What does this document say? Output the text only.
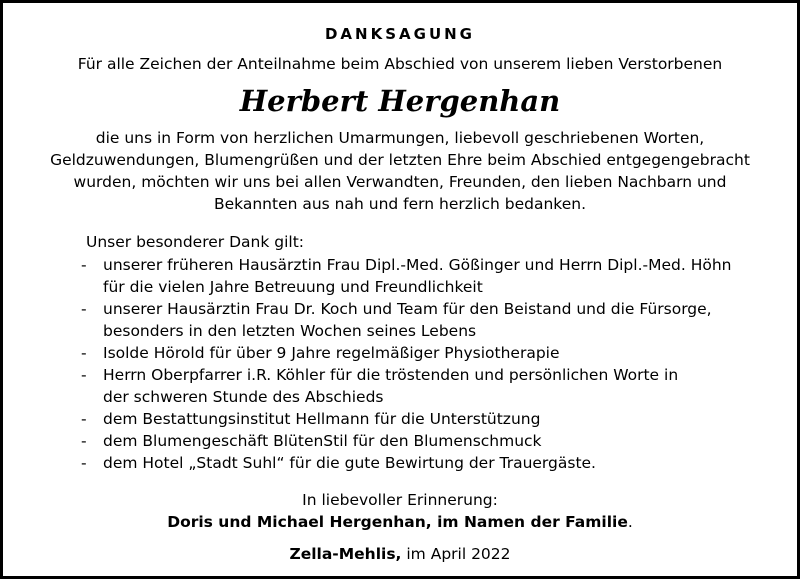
DANKSAGUNG
Für alle Zeichen der Anteilnahme beim Abschied von unserem lieben Verstorbenen
Herbert Hergenhan
die uns in Form von herzlichen Umarmungen, liebevoll geschriebenen Worten,
Geldzuwendungen, Blumengrüßen und der letzten Ehre beim Abschied entgegengebracht
wurden, möchten wir uns bei allen Verwandten, Freunden, den lieben Nachbarn und
Bekannten aus nah und fern herzlich bedanken.
Unser besonderer Dank gilt:
- unserer früheren Hausärztin Frau Dipl.-Med. Gößinger und Herrn Dipl.-Med. Höhn
für die vielen Jahre Betreuung und Freundlichkeit
- unserer Hausärztin Frau Dr. Koch und Team für den Beistand und die Fürsorge,
besonders in den letzten Wochen seines Lebens
- Isolde Hörold für über 9 Jahre regelmäßiger Physiotherapie
- Herrn Oberpfarrer i.R. Köhler für die tröstenden und persönlichen Worte in
der schweren Stunde des Abschieds
- dem Bestattungsinstitut Hellmann für die Unterstützung
- dem Blumengeschäft BlütenStil für den Blumenschmuck
- dem Hotel „Stadt Suhl“ für die gute Bewirtung der Trauergäste.
In liebevoller Erinnerung:
Doris und Michael Hergenhan, im Namen der Familie.
Zella-Mehlis, im April 2022
